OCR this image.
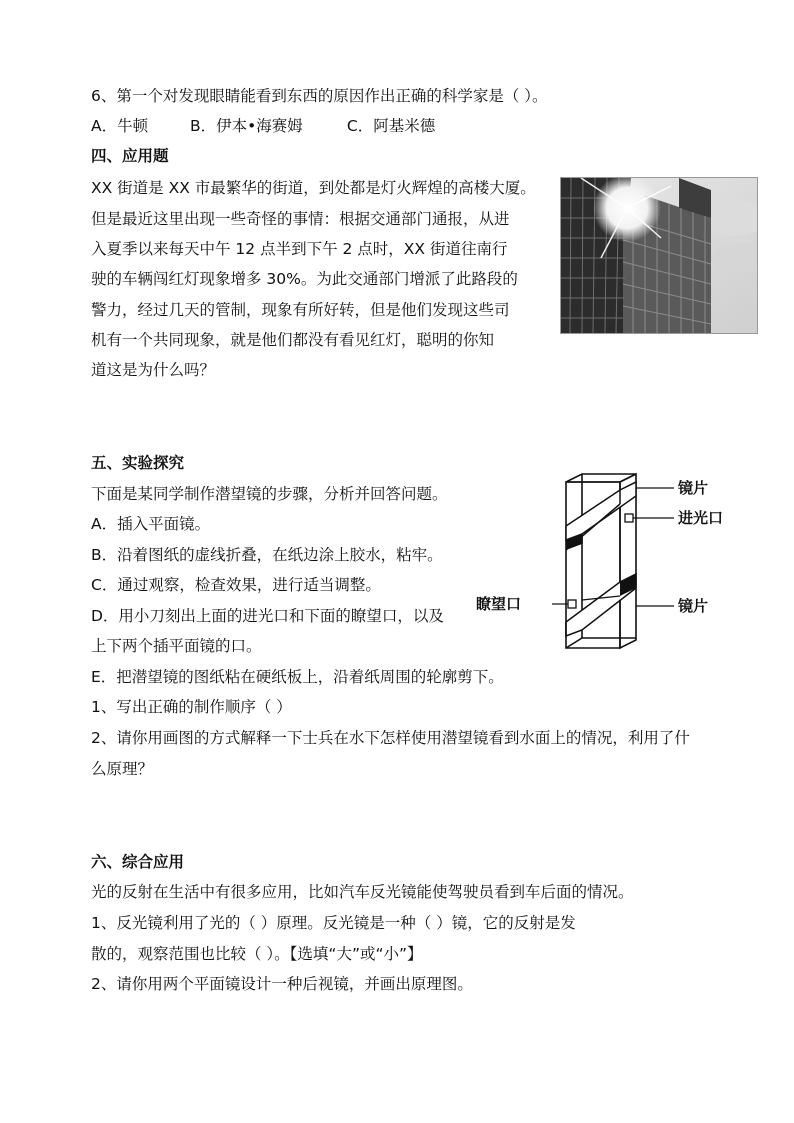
6、第一个对发现眼睛能看到东西的原因作出正确的科学家是（ ）。
A．牛顿	B．伊本•海赛姆	C．阿基米德
四、应用题
XX 街道是 XX 市最繁华的街道，到处都是灯火辉煌的高楼大厦。
但是最近这里出现一些奇怪的事情：根据交通部门通报，从进
入夏季以来每天中午 12 点半到下午 2 点时，XX 街道往南行
驶的车辆闯红灯现象增多 30%。为此交通部门增派了此路段的
警力，经过几天的管制，现象有所好转，但是他们发现这些司
机有一个共同现象，就是他们都没有看见红灯，聪明的你知
道这是为什么吗？
五、实验探究
下面是某同学制作潜望镜的步骤，分析并回答问题。
A．插入平面镜。
B．沿着图纸的虚线折叠，在纸边涂上胶水，粘牢。
C．通过观察，检查效果，进行适当调整。
D．用小刀刻出上面的进光口和下面的瞭望口，以及
上下两个插平面镜的口。
E．把潜望镜的图纸粘在硬纸板上，沿着纸周围的轮廓剪下。
1、写出正确的制作顺序（ ）
2、请你用画图的方式解释一下士兵在水下怎样使用潜望镜看到水面上的情况，利用了什
么原理？
镜片
进光口
瞭望口	镜片
六、综合应用
光的反射在生活中有很多应用，比如汽车反光镜能使驾驶员看到车后面的情况。
1、反光镜利用了光的（ ）原理。反光镜是一种（ ）镜，它的反射是发
散的，观察范围也比较（ ）。【选填“大”或“小”】
2、请你用两个平面镜设计一种后视镜，并画出原理图。
